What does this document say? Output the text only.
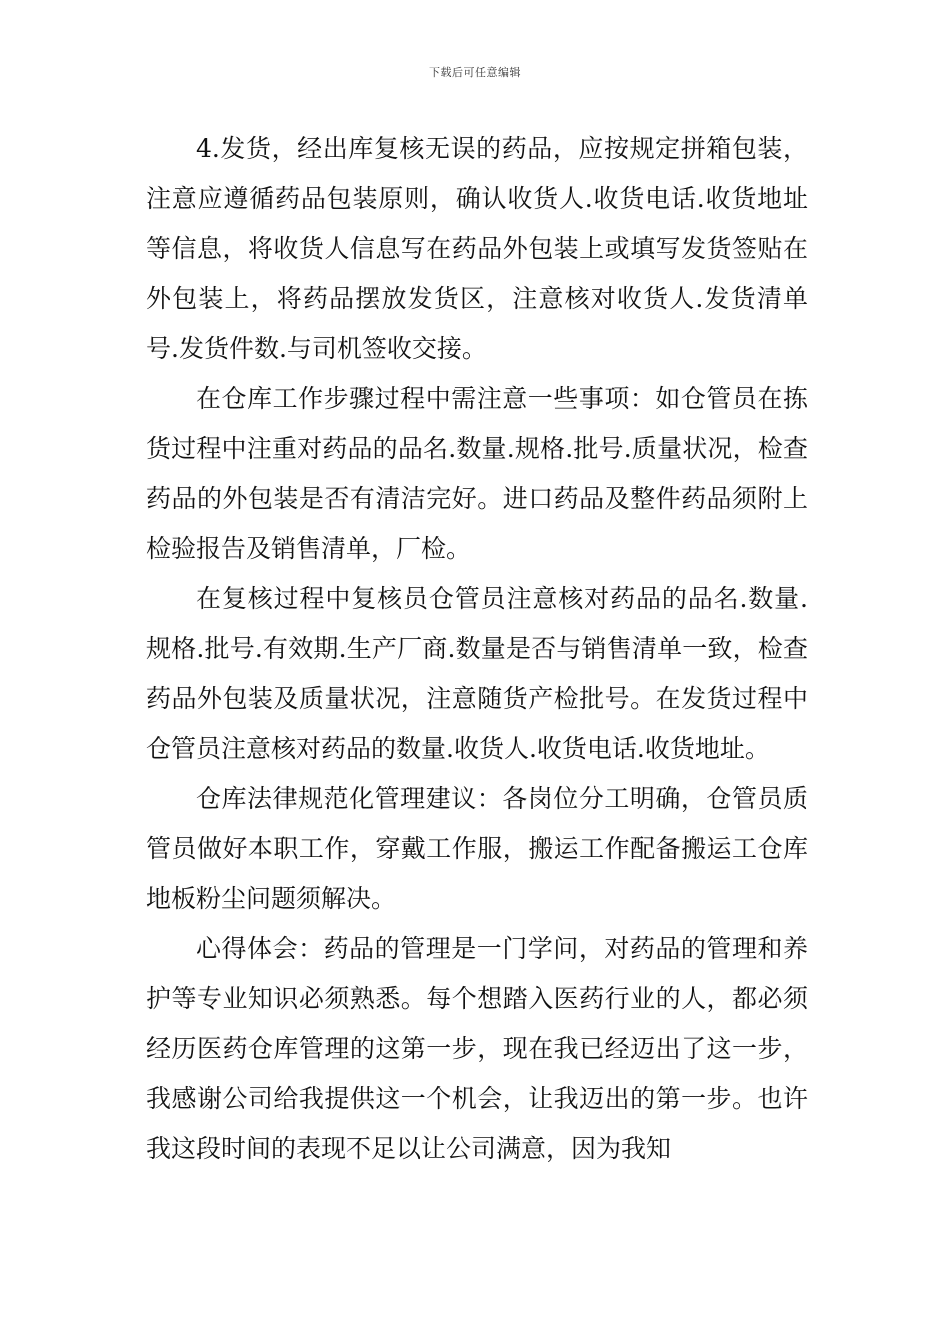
下载后可任意编辑

4.发货，经出库复核无误的药品，应按规定拼箱包装，注意应遵循药品包装原则，确认收货人.收货电话.收货地址等信息，将收货人信息写在药品外包装上或填写发货签贴在外包装上，将药品摆放发货区，注意核对收货人.发货清单号.发货件数.与司机签收交接。

在仓库工作步骤过程中需注意一些事项：如仓管员在拣货过程中注重对药品的品名.数量.规格.批号.质量状况，检查药品的外包装是否有清洁完好。进口药品及整件药品须附上检验报告及销售清单，厂检。

在复核过程中复核员仓管员注意核对药品的品名.数量.规格.批号.有效期.生产厂商.数量是否与销售清单一致，检查药品外包装及质量状况，注意随货产检批号。在发货过程中仓管员注意核对药品的数量.收货人.收货电话.收货地址。

仓库法律规范化管理建议：各岗位分工明确，仓管员质管员做好本职工作，穿戴工作服，搬运工作配备搬运工仓库地板粉尘问题须解决。

心得体会：药品的管理是一门学问，对药品的管理和养护等专业知识必须熟悉。每个想踏入医药行业的人，都必须经历医药仓库管理的这第一步，现在我已经迈出了这一步，我感谢公司给我提供这一个机会，让我迈出的第一步。也许我这段时间的表现不足以让公司满意，因为我知
